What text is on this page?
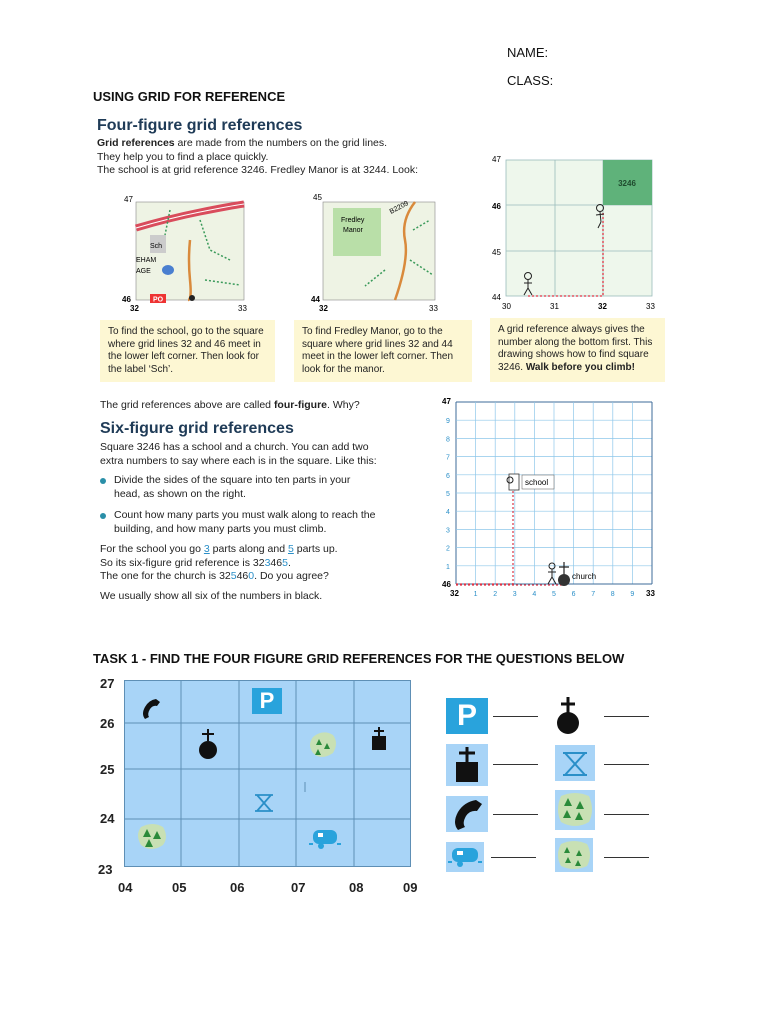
NAME:
CLASS:
USING GRID FOR REFERENCE
Four-figure grid references
Grid references are made from the numbers on the grid lines.
They help you to find a place quickly.
The school is at grid reference 3246. Fredley Manor is at 3244. Look:
PO
Sch
EHAM
AGE
47
46
32	33
Fredley
Manor
B2209
45
44
32	33
3246
47
46
45
44
30	31	32	33
To find the school, go to the square where grid lines 32 and 46 meet in the lower left corner. Then look for the label ‘Sch’.
To find Fredley Manor, go to the square where grid lines 32 and 44 meet in the lower left corner. Then look for the manor.
A grid reference always gives the number along the bottom first. This drawing shows how to find square 3246. Walk before you climb!
The grid references above are called four-figure. Why?
Six-figure grid references
Square 3246 has a school and a church. You can add two
extra numbers to say where each is in the square. Like this:
Divide the sides of the square into ten parts in your
head, as shown on the right.
Count how many parts you must walk along to reach the
building, and how many parts you must climb.
For the school you go 3 parts along and 5 parts up.
So its six-figure grid reference is 323465.
The one for the church is 325460. Do you agree?
We usually show all six of the numbers in black.
school
church
47
46
32	33
1
2
3
4
5
6
7
8
9
1 2 3 4 5 6 7 8 9
TASK 1 - FIND THE FOUR FIGURE GRID REFERENCES FOR THE QUESTIONS BELOW
P
27
26
25
24
23
04	05	06	07	08	09
P
